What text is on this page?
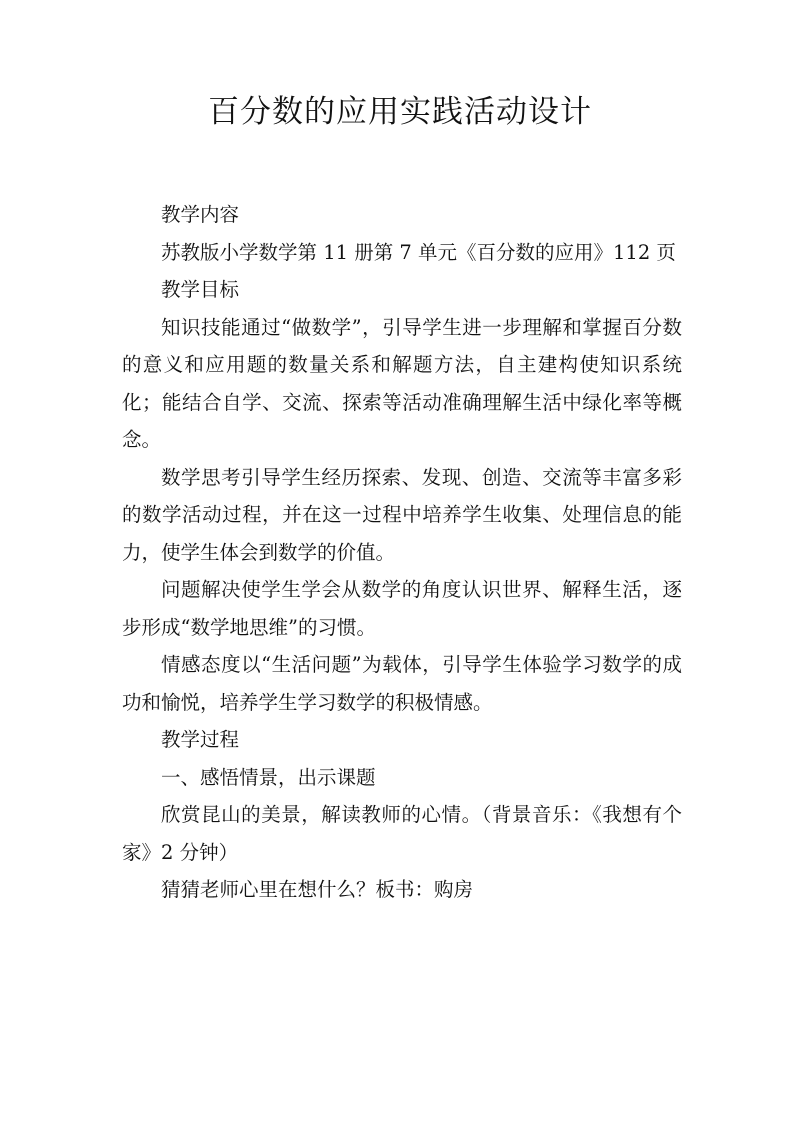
百分数的应用实践活动设计

教学内容

苏教版小学数学第 11 册第 7 单元《百分数的应用》112 页

教学目标

知识技能通过“做数学”，引导学生进一步理解和掌握百分数的意义和应用题的数量关系和解题方法，自主建构使知识系统化；能结合自学、交流、探索等活动准确理解生活中绿化率等概念。

数学思考引导学生经历探索、发现、创造、交流等丰富多彩的数学活动过程，并在这一过程中培养学生收集、处理信息的能力，使学生体会到数学的价值。

问题解决使学生学会从数学的角度认识世界、解释生活，逐步形成“数学地思维”的习惯。

情感态度以“生活问题”为载体，引导学生体验学习数学的成功和愉悦，培养学生学习数学的积极情感。

教学过程

一、感悟情景，出示课题

欣赏昆山的美景，解读教师的心情。（背景音乐：《我想有个家》2 分钟）

猜猜老师心里在想什么？板书：购房
